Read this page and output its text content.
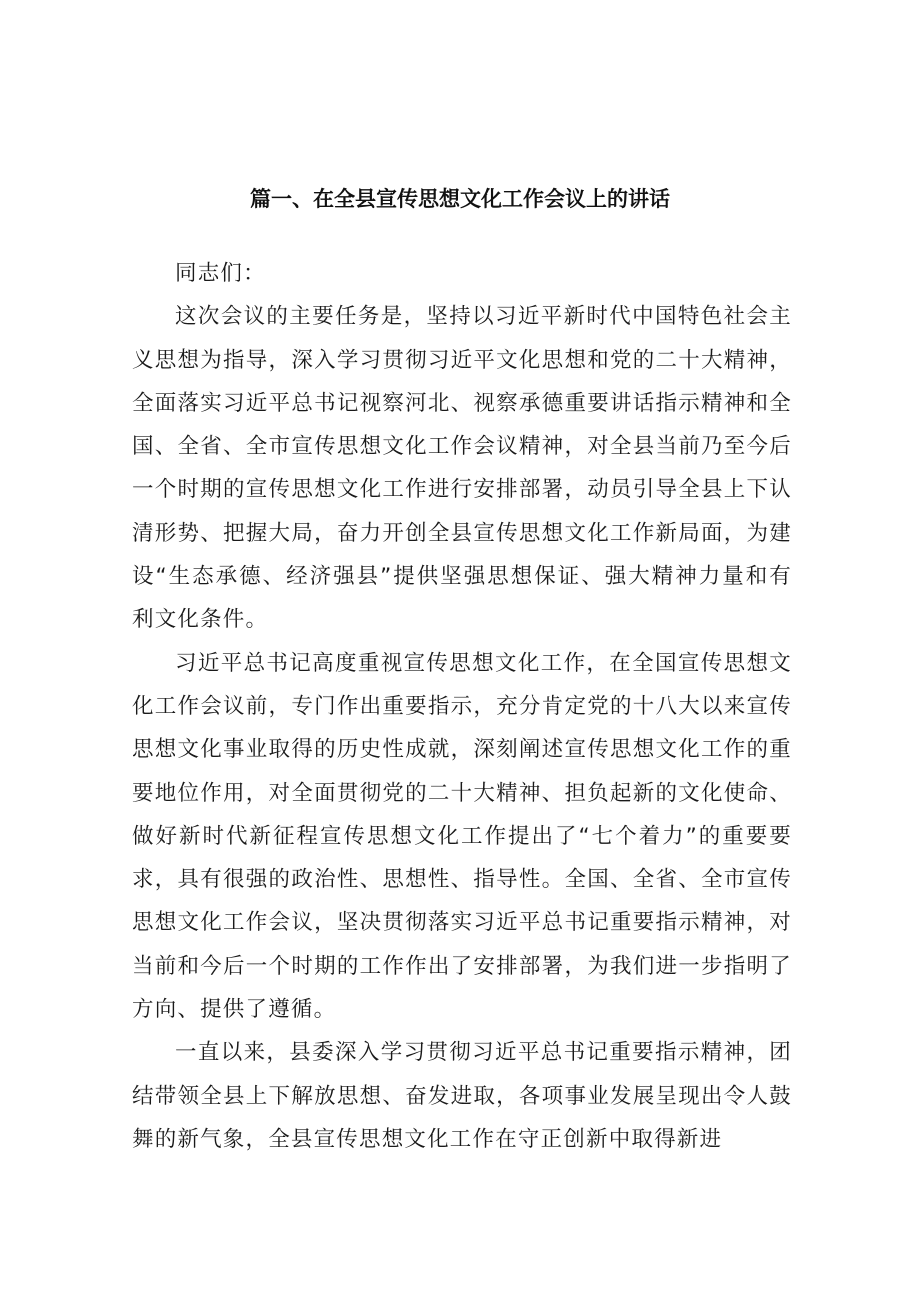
篇一、在全县宣传思想文化工作会议上的讲话

同志们：

这次会议的主要任务是，坚持以习近平新时代中国特色社会主义思想为指导，深入学习贯彻习近平文化思想和党的二十大精神，全面落实习近平总书记视察河北、视察承德重要讲话指示精神和全国、全省、全市宣传思想文化工作会议精神，对全县当前乃至今后一个时期的宣传思想文化工作进行安排部署，动员引导全县上下认清形势、把握大局，奋力开创全县宣传思想文化工作新局面，为建设“生态承德、经济强县”提供坚强思想保证、强大精神力量和有利文化条件。

习近平总书记高度重视宣传思想文化工作，在全国宣传思想文化工作会议前，专门作出重要指示，充分肯定党的十八大以来宣传思想文化事业取得的历史性成就，深刻阐述宣传思想文化工作的重要地位作用，对全面贯彻党的二十大精神、担负起新的文化使命、做好新时代新征程宣传思想文化工作提出了“七个着力”的重要要求，具有很强的政治性、思想性、指导性。全国、全省、全市宣传思想文化工作会议，坚决贯彻落实习近平总书记重要指示精神，对当前和今后一个时期的工作作出了安排部署，为我们进一步指明了方向、提供了遵循。

一直以来，县委深入学习贯彻习近平总书记重要指示精神，团结带领全县上下解放思想、奋发进取，各项事业发展呈现出令人鼓舞的新气象，全县宣传思想文化工作在守正创新中取得新进
